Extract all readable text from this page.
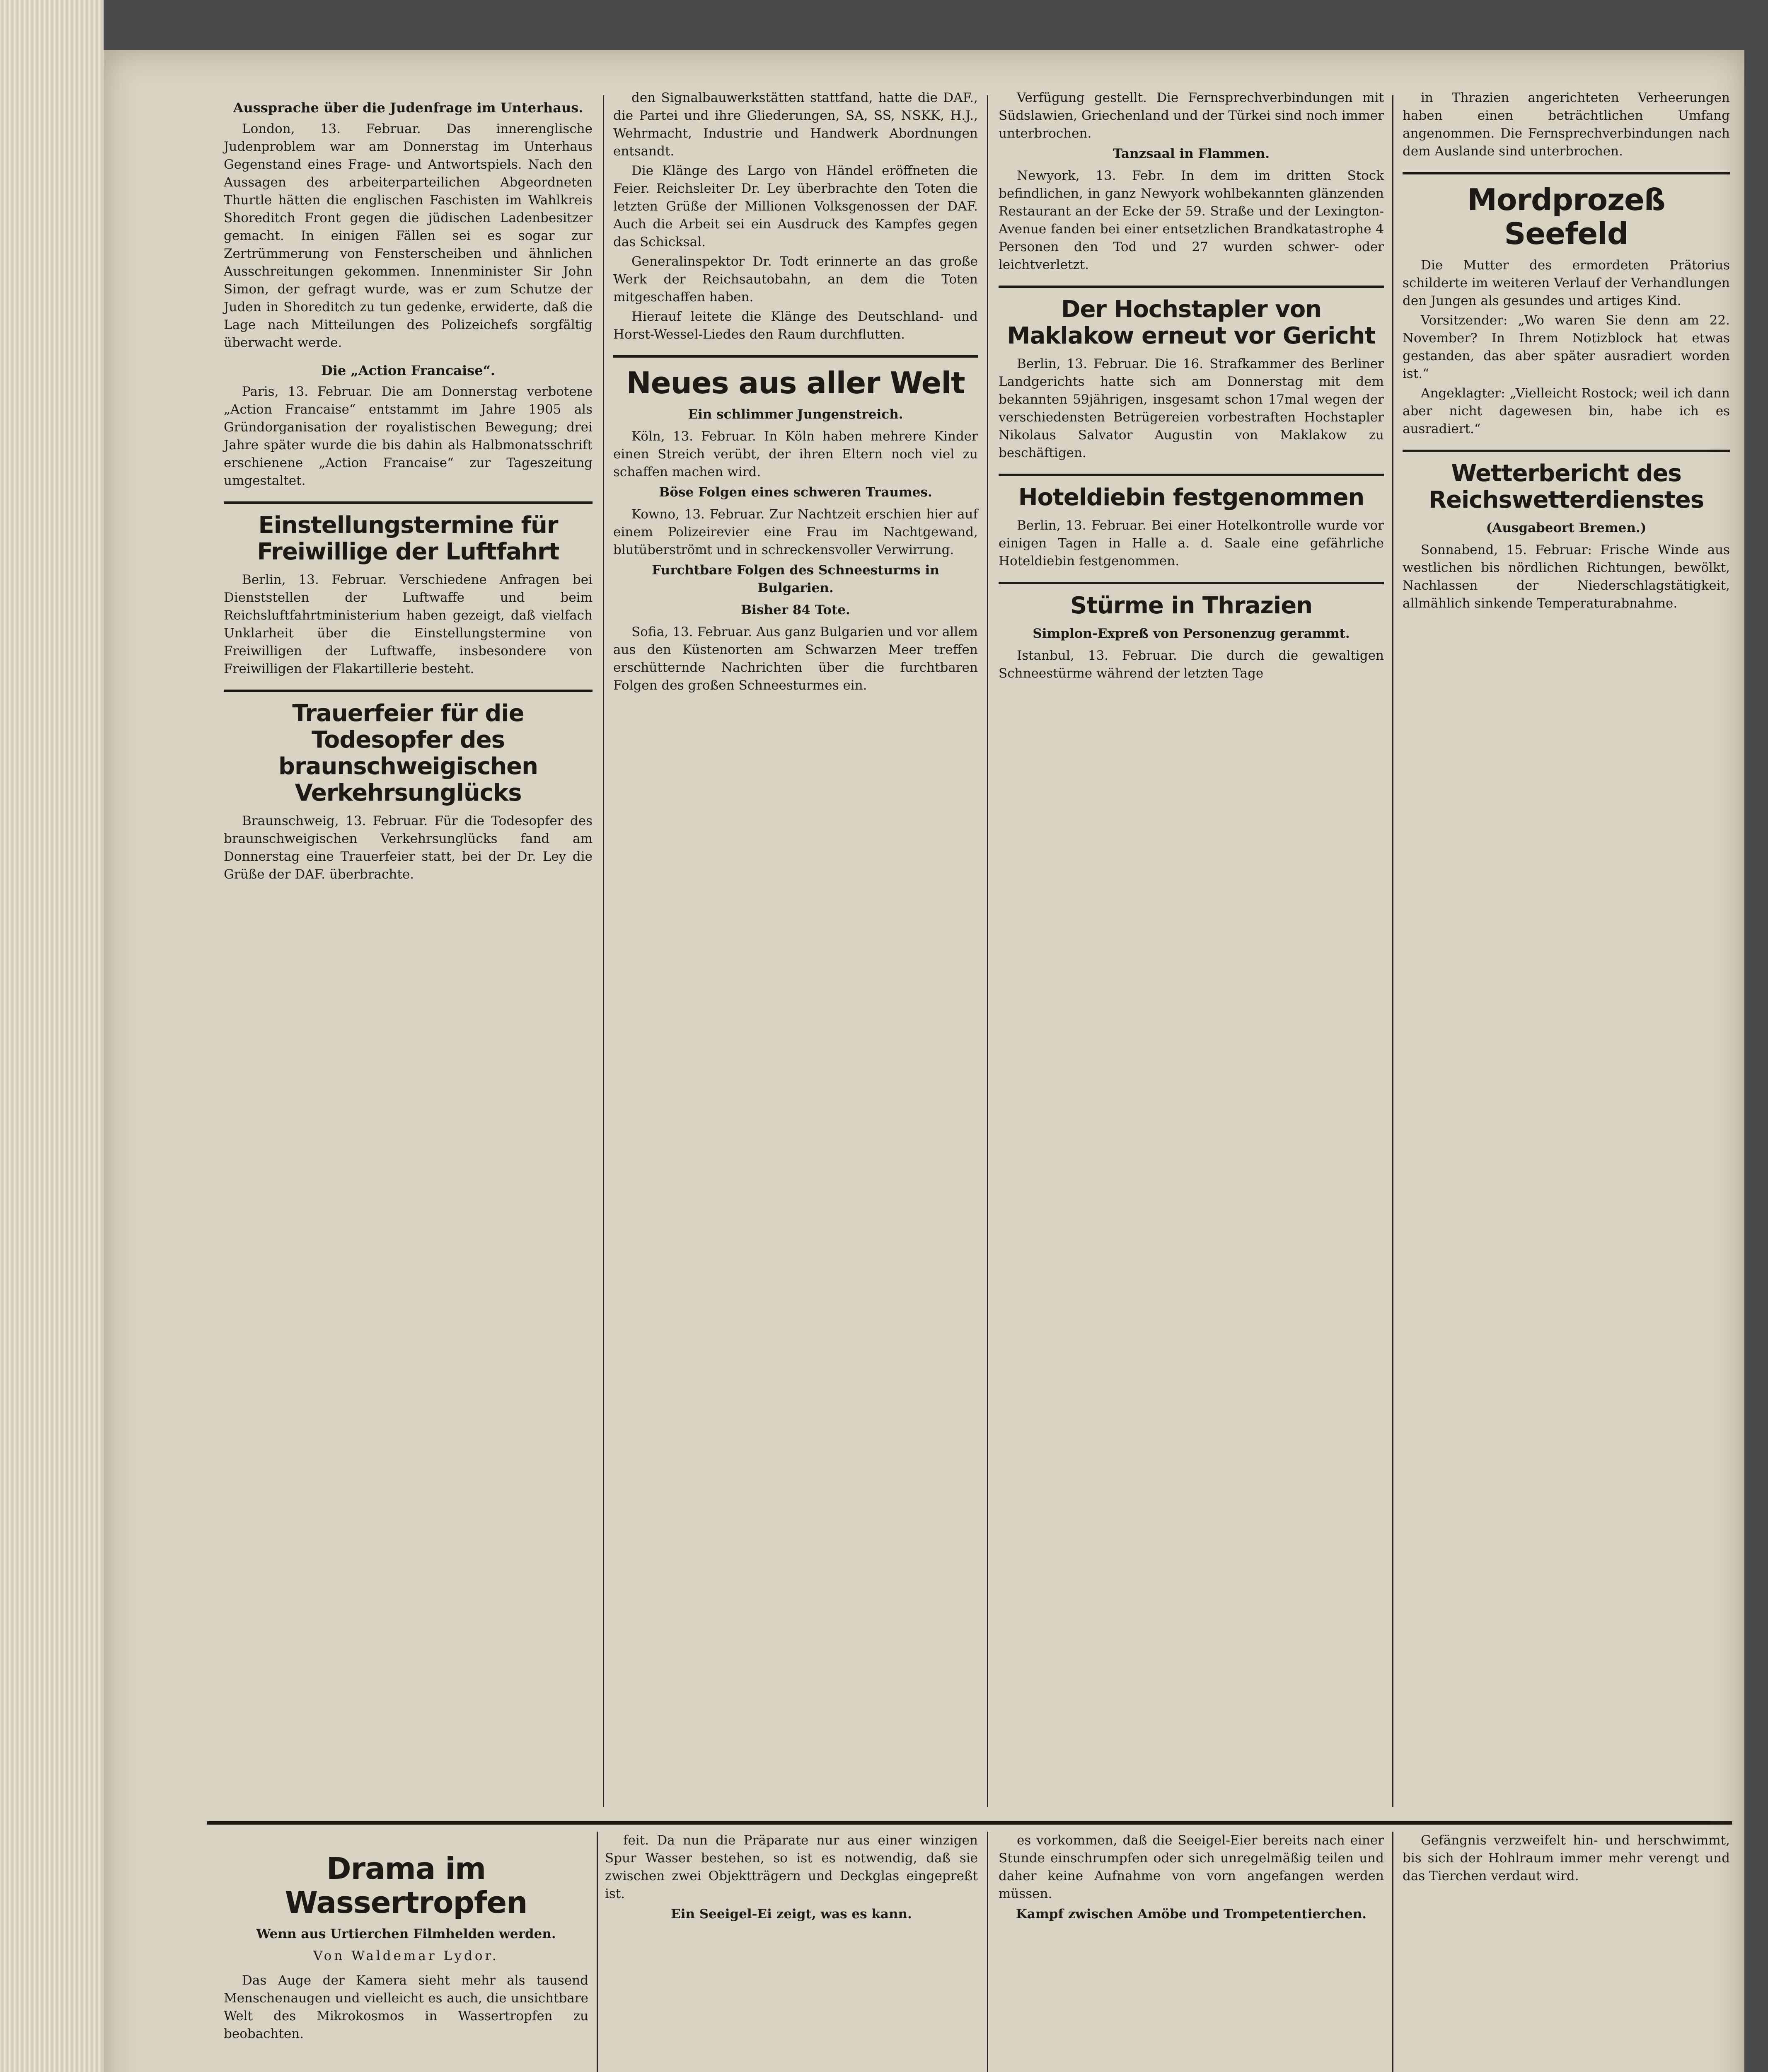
Aussprache über die Judenfrage im Unterhaus.

London, 13. Februar. Das innerenglische Judenproblem war am Donnerstag im Unterhaus Gegenstand eines Frage- und Antwortspiels. Nach den Aussagen des arbeiterparteilichen Abgeordneten Thurtle hätten die englischen Faschisten im Wahlkreis Shoreditch Front gegen die jüdischen Ladenbesitzer gemacht. In einigen Fällen sei es sogar zur Zertrümmerung von Fensterscheiben und ähnlichen Ausschreitungen gekommen. Innenminister Sir John Simon, der gefragt wurde, was er zum Schutze der Juden in Shoreditch zu tun gedenke, erwiderte, daß die Lage nach Mitteilungen des Polizeichefs sorgfältig überwacht werde.

Die „Action Francaise“.

Paris, 13. Februar. Die am Donnerstag verbotene „Action Francaise“ entstammt im Jahre 1905 als Gründorganisation der royalistischen Bewegung; drei Jahre später wurde die bis dahin als Halbmonatsschrift erschienene „Action Francaise“ zur Tageszeitung umgestaltet.

Einstellungstermine für Freiwillige der Luftfahrt

Berlin, 13. Februar. Verschiedene Anfragen bei Dienststellen der Luftwaffe und beim Reichsluftfahrtministerium haben gezeigt, daß vielfach Unklarheit über die Einstellungstermine von Freiwilligen der Luftwaffe, insbesondere von Freiwilligen der Flakartillerie besteht.

Trauerfeier für die Todesopfer des braunschweigischen Verkehrsunglücks

Braunschweig, 13. Februar. Für die Todesopfer des braunschweigischen Verkehrsunglücks fand am Donnerstag eine Trauerfeier statt, bei der Dr. Ley die Grüße der DAF. überbrachte.

den Signalbauwerkstätten stattfand, hatte die DAF., die Partei und ihre Gliederungen, SA, SS, NSKK, H.J., Wehrmacht, Industrie und Handwerk Abordnungen entsandt.

Die Klänge des Largo von Händel eröffneten die Feier. Reichsleiter Dr. Ley überbrachte den Toten die letzten Grüße der Millionen Volksgenossen der DAF. Auch die Arbeit sei ein Ausdruck des Kampfes gegen das Schicksal.

Generalinspektor Dr. Todt erinnerte an das große Werk der Reichsautobahn, an dem die Toten mitgeschaffen haben.

Hierauf leitete die Klänge des Deutschland- und Horst-Wessel-Liedes den Raum durchflutten.

Neues aus aller Welt
Ein schlimmer Jungenstreich.

Köln, 13. Februar. In Köln haben mehrere Kinder einen Streich verübt, der ihren Eltern noch viel zu schaffen machen wird.

Böse Folgen eines schweren Traumes.

Kowno, 13. Februar. Zur Nachtzeit erschien hier auf einem Polizeirevier eine Frau im Nachtgewand, blutüberströmt und in schreckensvoller Verwirrung.

Furchtbare Folgen des Schneesturms in Bulgarien.
Bisher 84 Tote.

Sofia, 13. Februar. Aus ganz Bulgarien und vor allem aus den Küstenorten am Schwarzen Meer treffen erschütternde Nachrichten über die furchtbaren Folgen des großen Schneesturmes ein.

Verfügung gestellt. Die Fernsprechverbindungen mit Südslawien, Griechenland und der Türkei sind noch immer unterbrochen.

Tanzsaal in Flammen.

Newyork, 13. Febr. In dem im dritten Stock befindlichen, in ganz Newyork wohlbekannten glänzenden Restaurant an der Ecke der 59. Straße und der Lexington-Avenue fanden bei einer entsetzlichen Brandkatastrophe 4 Personen den Tod und 27 wurden schwer- oder leichtverletzt.

Der Hochstapler von Maklakow erneut vor Gericht

Berlin, 13. Februar. Die 16. Strafkammer des Berliner Landgerichts hatte sich am Donnerstag mit dem bekannten 59jährigen, insgesamt schon 17mal wegen der verschiedensten Betrügereien vorbestraften Hochstapler Nikolaus Salvator Augustin von Maklakow zu beschäftigen.

Hoteldiebin festgenommen

Berlin, 13. Februar. Bei einer Hotelkontrolle wurde vor einigen Tagen in Halle a. d. Saale eine gefährliche Hoteldiebin festgenommen.

Stürme in Thrazien
Simplon-Expreß von Personenzug gerammt.

Istanbul, 13. Februar. Die durch die gewaltigen Schneestürme während der letzten Tage

in Thrazien angerichteten Verheerungen haben einen beträchtlichen Umfang angenommen. Die Fernsprechverbindungen nach dem Auslande sind unterbrochen.

Mordprozeß Seefeld

Die Mutter des ermordeten Prätorius schilderte im weiteren Verlauf der Verhandlungen den Jungen als gesundes und artiges Kind.

Vorsitzender: „Wo waren Sie denn am 22. November? In Ihrem Notizblock hat etwas gestanden, das aber später ausradiert worden ist.“

Angeklagter: „Vielleicht Rostock; weil ich dann aber nicht dagewesen bin, habe ich es ausradiert.“

Wetterbericht des Reichswetterdienstes
(Ausgabeort Bremen.)

Sonnabend, 15. Februar: Frische Winde aus westlichen bis nördlichen Richtungen, bewölkt, Nachlassen der Niederschlagstätigkeit, allmählich sinkende Temperaturabnahme.

Drama im Wassertropfen
Wenn aus Urtierchen Filmhelden werden.
Von Waldemar Lydor.

Das Auge der Kamera sieht mehr als tausend Menschenaugen und vielleicht es auch, die unsichtbare Welt des Mikrokosmos in Wassertropfen zu beobachten.

feit. Da nun die Präparate nur aus einer winzigen Spur Wasser bestehen, so ist es notwendig, daß sie zwischen zwei Objektträgern und Deckglas eingepreßt ist.

Ein Seeigel-Ei zeigt, was es kann.

es vorkommen, daß die Seeigel-Eier bereits nach einer Stunde einschrumpfen oder sich unregelmäßig teilen und daher keine Aufnahme von vorn angefangen werden müssen.

Kampf zwischen Amöbe und Trompetentierchen.

Gefängnis verzweifelt hin- und herschwimmt, bis sich der Hohlraum immer mehr verengt und das Tierchen verdaut wird.
